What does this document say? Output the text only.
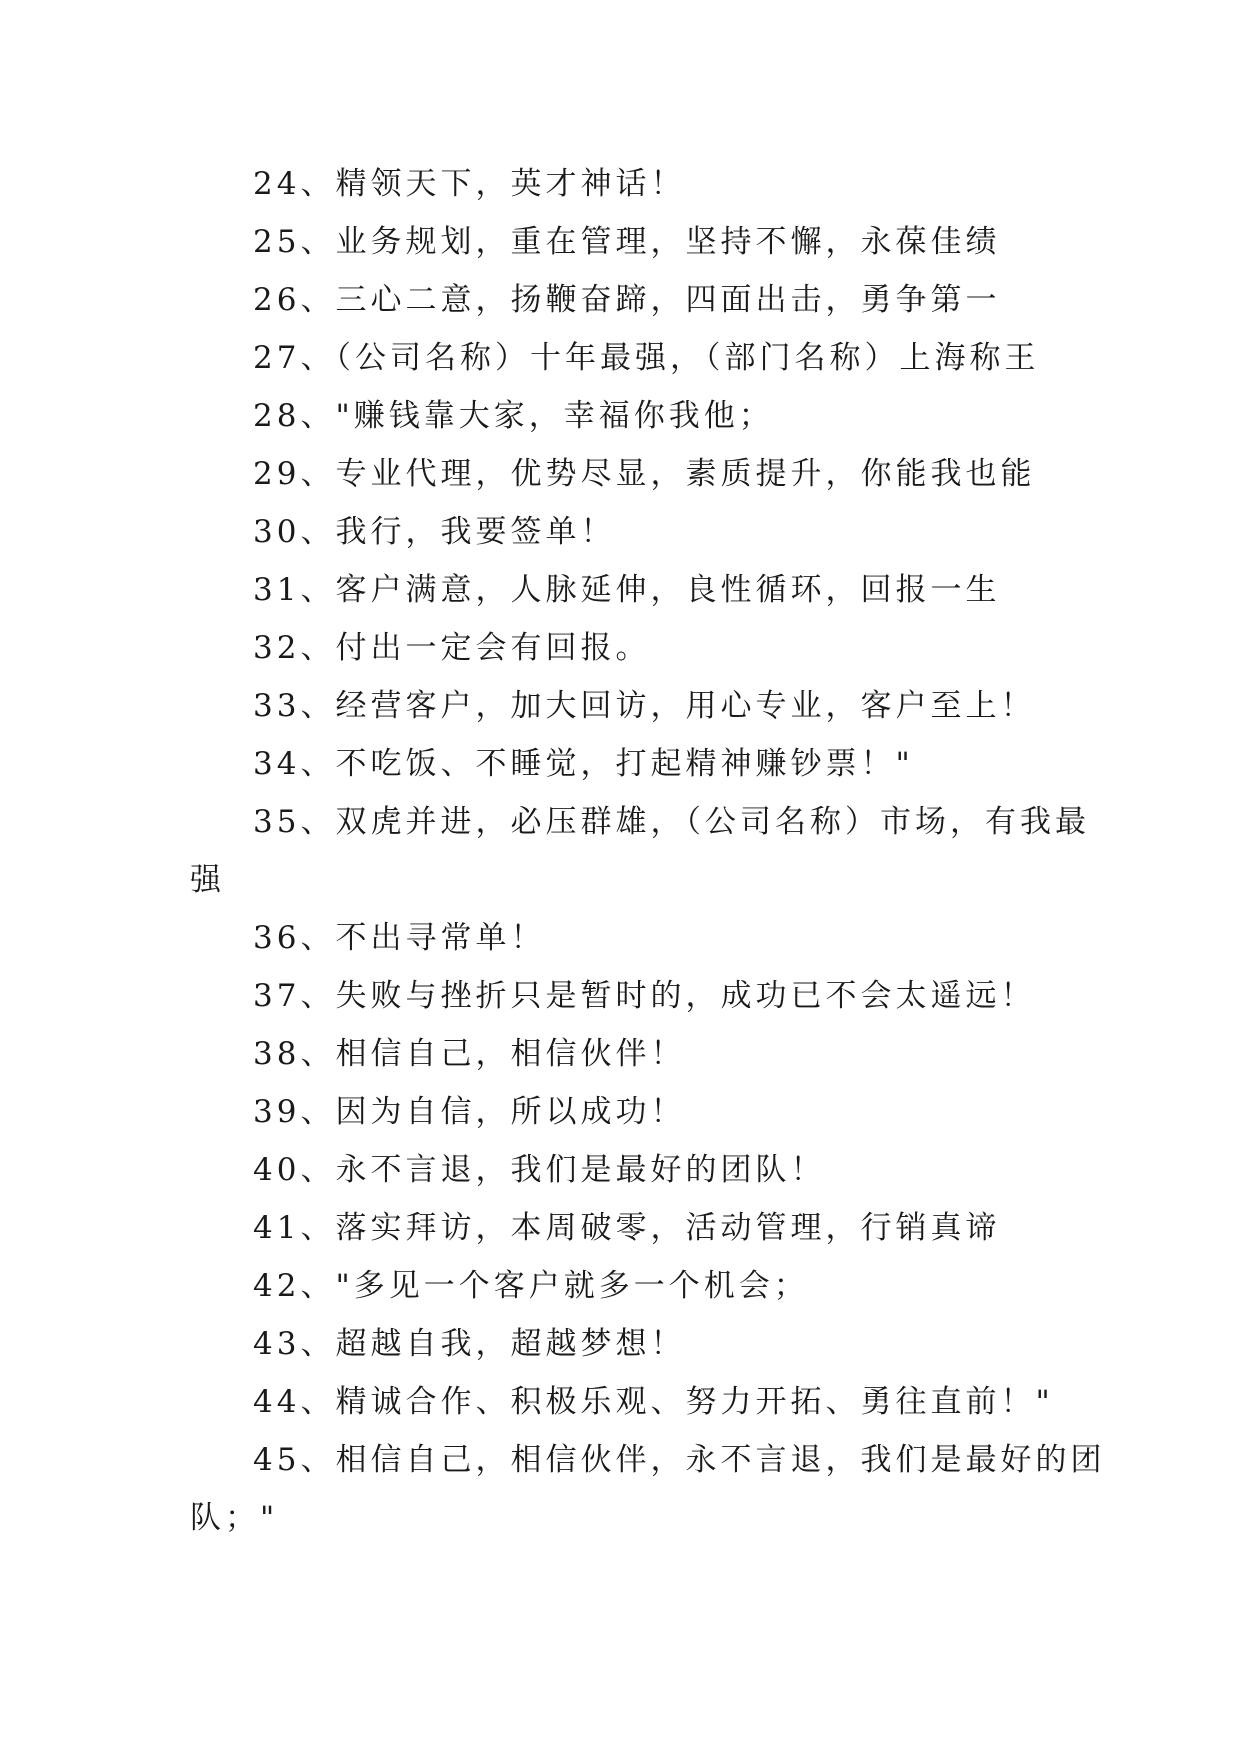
24、精领天下，英才神话！
25、业务规划，重在管理，坚持不懈，永葆佳绩
26、三心二意，扬鞭奋蹄，四面出击，勇争第一
27、（公司名称）十年最强，（部门名称）上海称王
28、"赚钱靠大家，幸福你我他；
29、专业代理，优势尽显，素质提升，你能我也能
30、我行，我要签单！
31、客户满意，人脉延伸，良性循环，回报一生
32、付出一定会有回报。
33、经营客户，加大回访，用心专业，客户至上！
34、不吃饭、不睡觉，打起精神赚钞票！"
35、双虎并进，必压群雄，（公司名称）市场，有我最
强
36、不出寻常单！
37、失败与挫折只是暂时的，成功已不会太遥远！
38、相信自己，相信伙伴！
39、因为自信，所以成功！
40、永不言退，我们是最好的团队！
41、落实拜访，本周破零，活动管理，行销真谛
42、"多见一个客户就多一个机会；
43、超越自我，超越梦想！
44、精诚合作、积极乐观、努力开拓、勇往直前！"
45、相信自己，相信伙伴，永不言退，我们是最好的团
队；"
